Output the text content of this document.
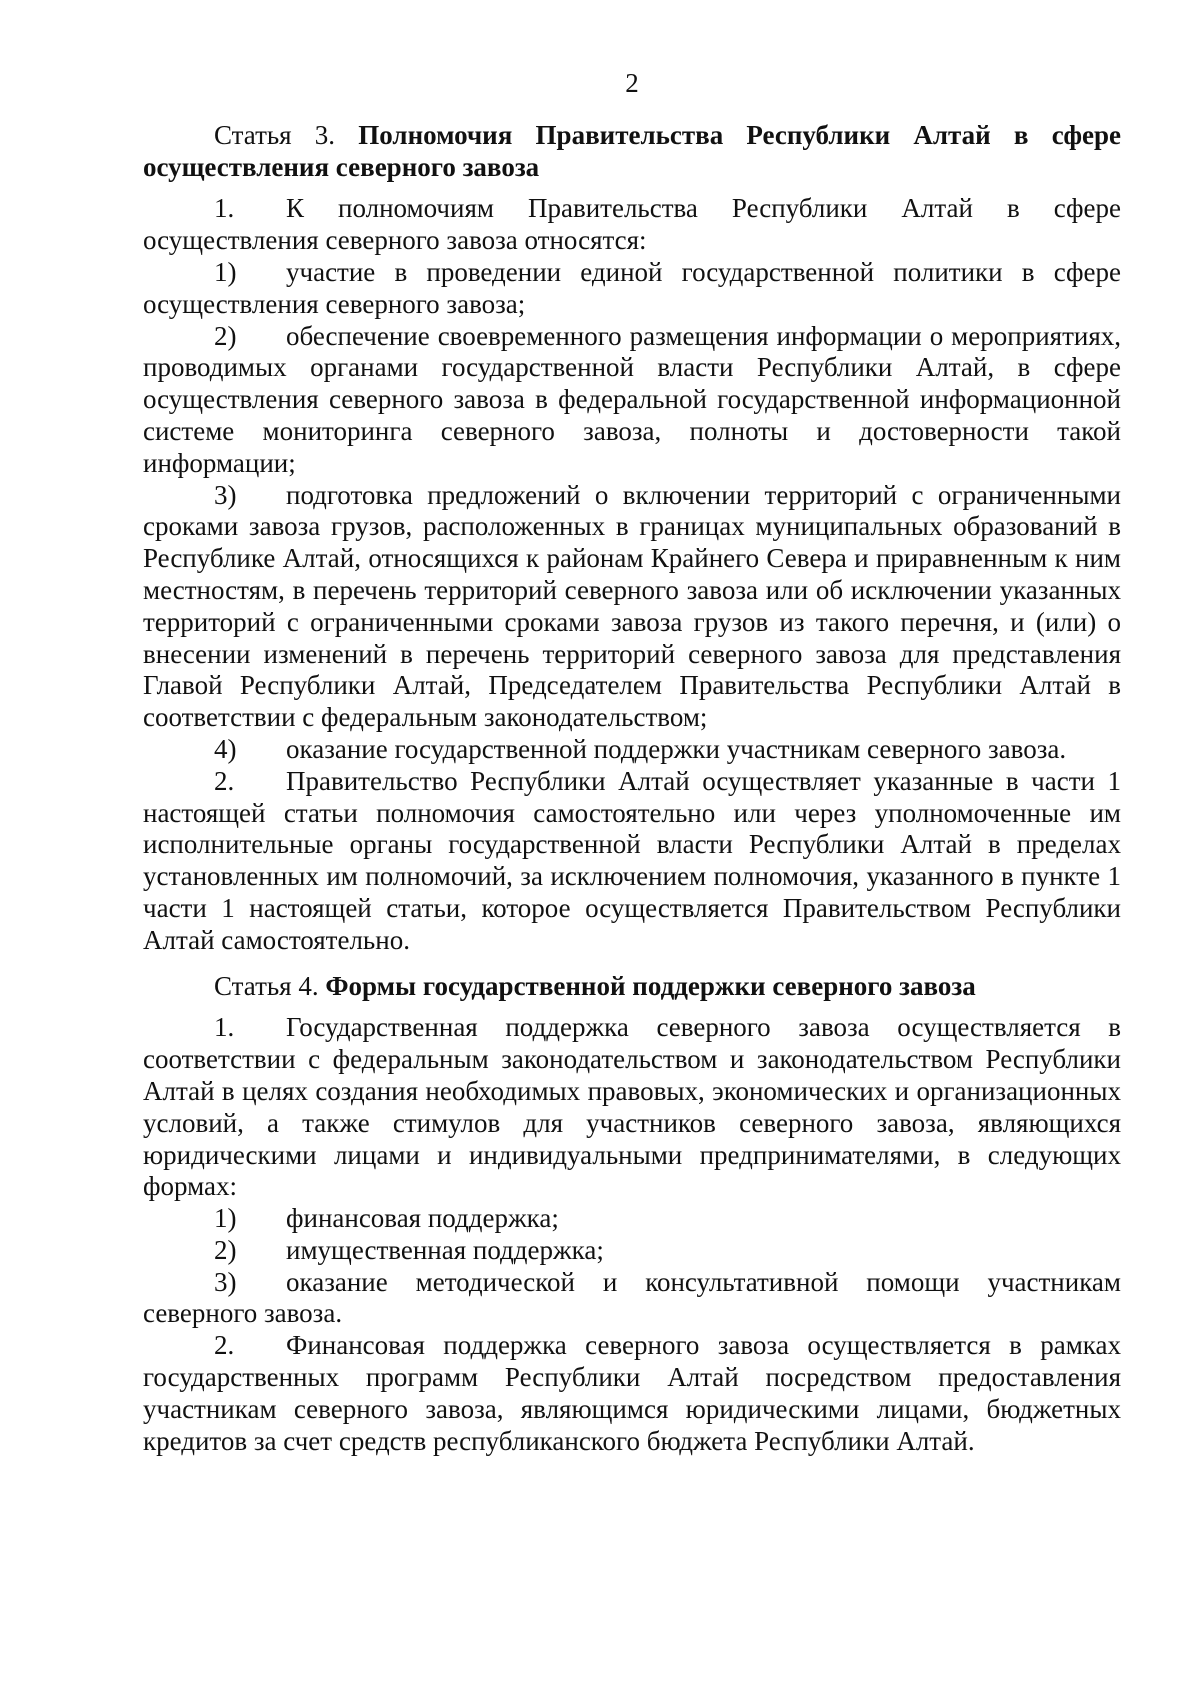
2

Статья 3. Полномочия Правительства Республики Алтай в сфере осуществления северного завоза

1. К полномочиям Правительства Республики Алтай в сфере осуществления северного завоза относятся:

1) участие в проведении единой государственной политики в сфере осуществления северного завоза;

2) обеспечение своевременного размещения информации о мероприятиях, проводимых органами государственной власти Республики Алтай, в сфере осуществления северного завоза в федеральной государственной информационной системе мониторинга северного завоза, полноты и достоверности такой информации;

3) подготовка предложений о включении территорий с ограниченными сроками завоза грузов, расположенных в границах муниципальных образований в Республике Алтай, относящихся к районам Крайнего Севера и приравненным к ним местностям, в перечень территорий северного завоза или об исключении указанных территорий с ограниченными сроками завоза грузов из такого перечня, и (или) о внесении изменений в перечень территорий северного завоза для представления Главой Республики Алтай, Председателем Правительства Республики Алтай в соответствии с федеральным законодательством;

4) оказание государственной поддержки участникам северного завоза.

2. Правительство Республики Алтай осуществляет указанные в части 1 настоящей статьи полномочия самостоятельно или через уполномоченные им исполнительные органы государственной власти Республики Алтай в пределах установленных им полномочий, за исключением полномочия, указанного в пункте 1 части 1 настоящей статьи, которое осуществляется Правительством Республики Алтай самостоятельно.

Статья 4. Формы государственной поддержки северного завоза

1. Государственная поддержка северного завоза осуществляется в соответствии с федеральным законодательством и законодательством Республики Алтай в целях создания необходимых правовых, экономических и организационных условий, а также стимулов для участников северного завоза, являющихся юридическими лицами и индивидуальными предпринимателями, в следующих формах:

1) финансовая поддержка;

2) имущественная поддержка;

3) оказание методической и консультативной помощи участникам северного завоза.

2. Финансовая поддержка северного завоза осуществляется в рамках государственных программ Республики Алтай посредством предоставления участникам северного завоза, являющимся юридическими лицами, бюджетных кредитов за счет средств республиканского бюджета Республики Алтай.
